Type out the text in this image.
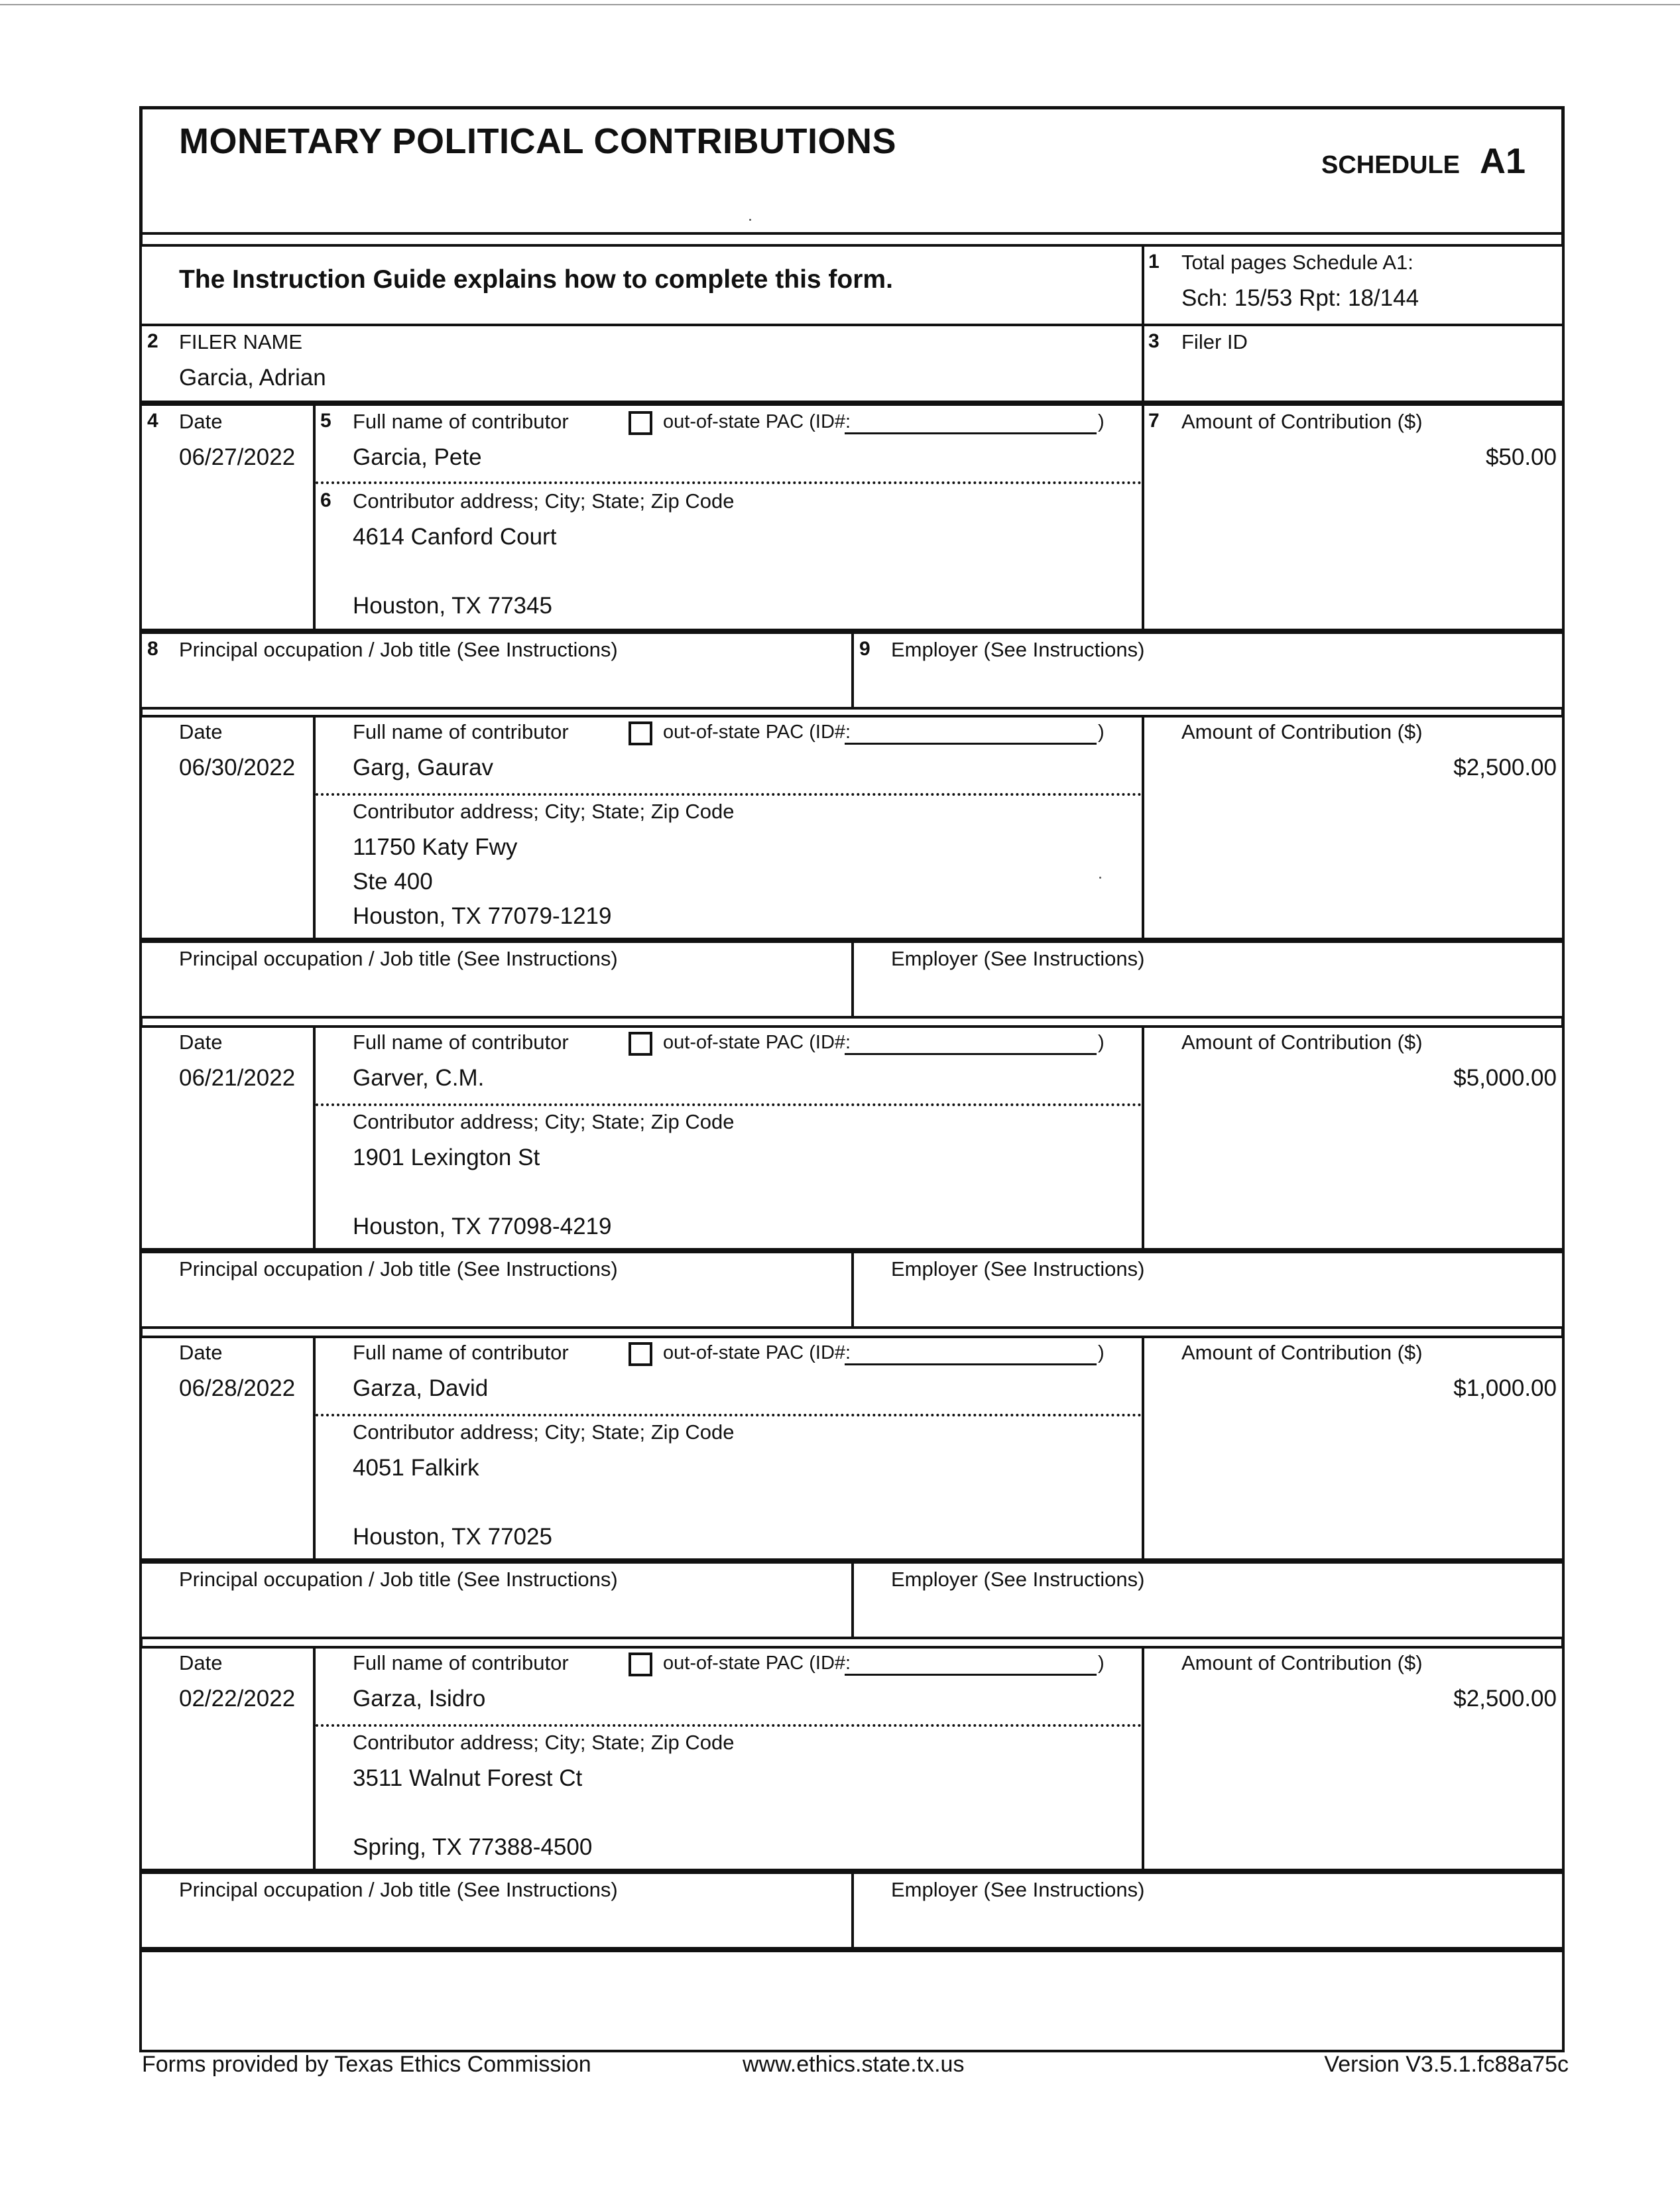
MONETARY POLITICAL CONTRIBUTIONS
SCHEDULE A1
The Instruction Guide explains how to complete this form.
1 Total pages Schedule A1:
Sch: 15/53 Rpt: 18/144
2 FILER NAME
Garcia, Adrian
3 Filer ID
4 Date
06/27/2022
5 Full name of contributor	out-of-state PAC (ID#:	)
Garcia, Pete
6 Contributor address; City; State; Zip Code
4614 Canford Court
Houston, TX 77345
7 Amount of Contribution ($)
$50.00
8 Principal occupation / Job title (See Instructions)	9 Employer (See Instructions)
Date
06/30/2022
Full name of contributor	out-of-state PAC (ID#:	)
Garg, Gaurav
Contributor address; City; State; Zip Code
11750 Katy Fwy
Ste 400
Houston, TX 77079-1219
Amount of Contribution ($)
$2,500.00
Principal occupation / Job title (See Instructions)	Employer (See Instructions)
Date
06/21/2022
Full name of contributor	out-of-state PAC (ID#:	)
Garver, C.M.
Contributor address; City; State; Zip Code
1901 Lexington St
Houston, TX 77098-4219
Amount of Contribution ($)
$5,000.00
Principal occupation / Job title (See Instructions)	Employer (See Instructions)
Date
06/28/2022
Full name of contributor	out-of-state PAC (ID#:	)
Garza, David
Contributor address; City; State; Zip Code
4051 Falkirk
Houston, TX 77025
Amount of Contribution ($)
$1,000.00
Principal occupation / Job title (See Instructions)	Employer (See Instructions)
Date
02/22/2022
Full name of contributor	out-of-state PAC (ID#:	)
Garza, Isidro
Contributor address; City; State; Zip Code
3511 Walnut Forest Ct
Spring, TX 77388-4500
Amount of Contribution ($)
$2,500.00
Principal occupation / Job title (See Instructions)	Employer (See Instructions)
Forms provided by Texas Ethics Commission	www.ethics.state.tx.us	Version V3.5.1.fc88a75c
